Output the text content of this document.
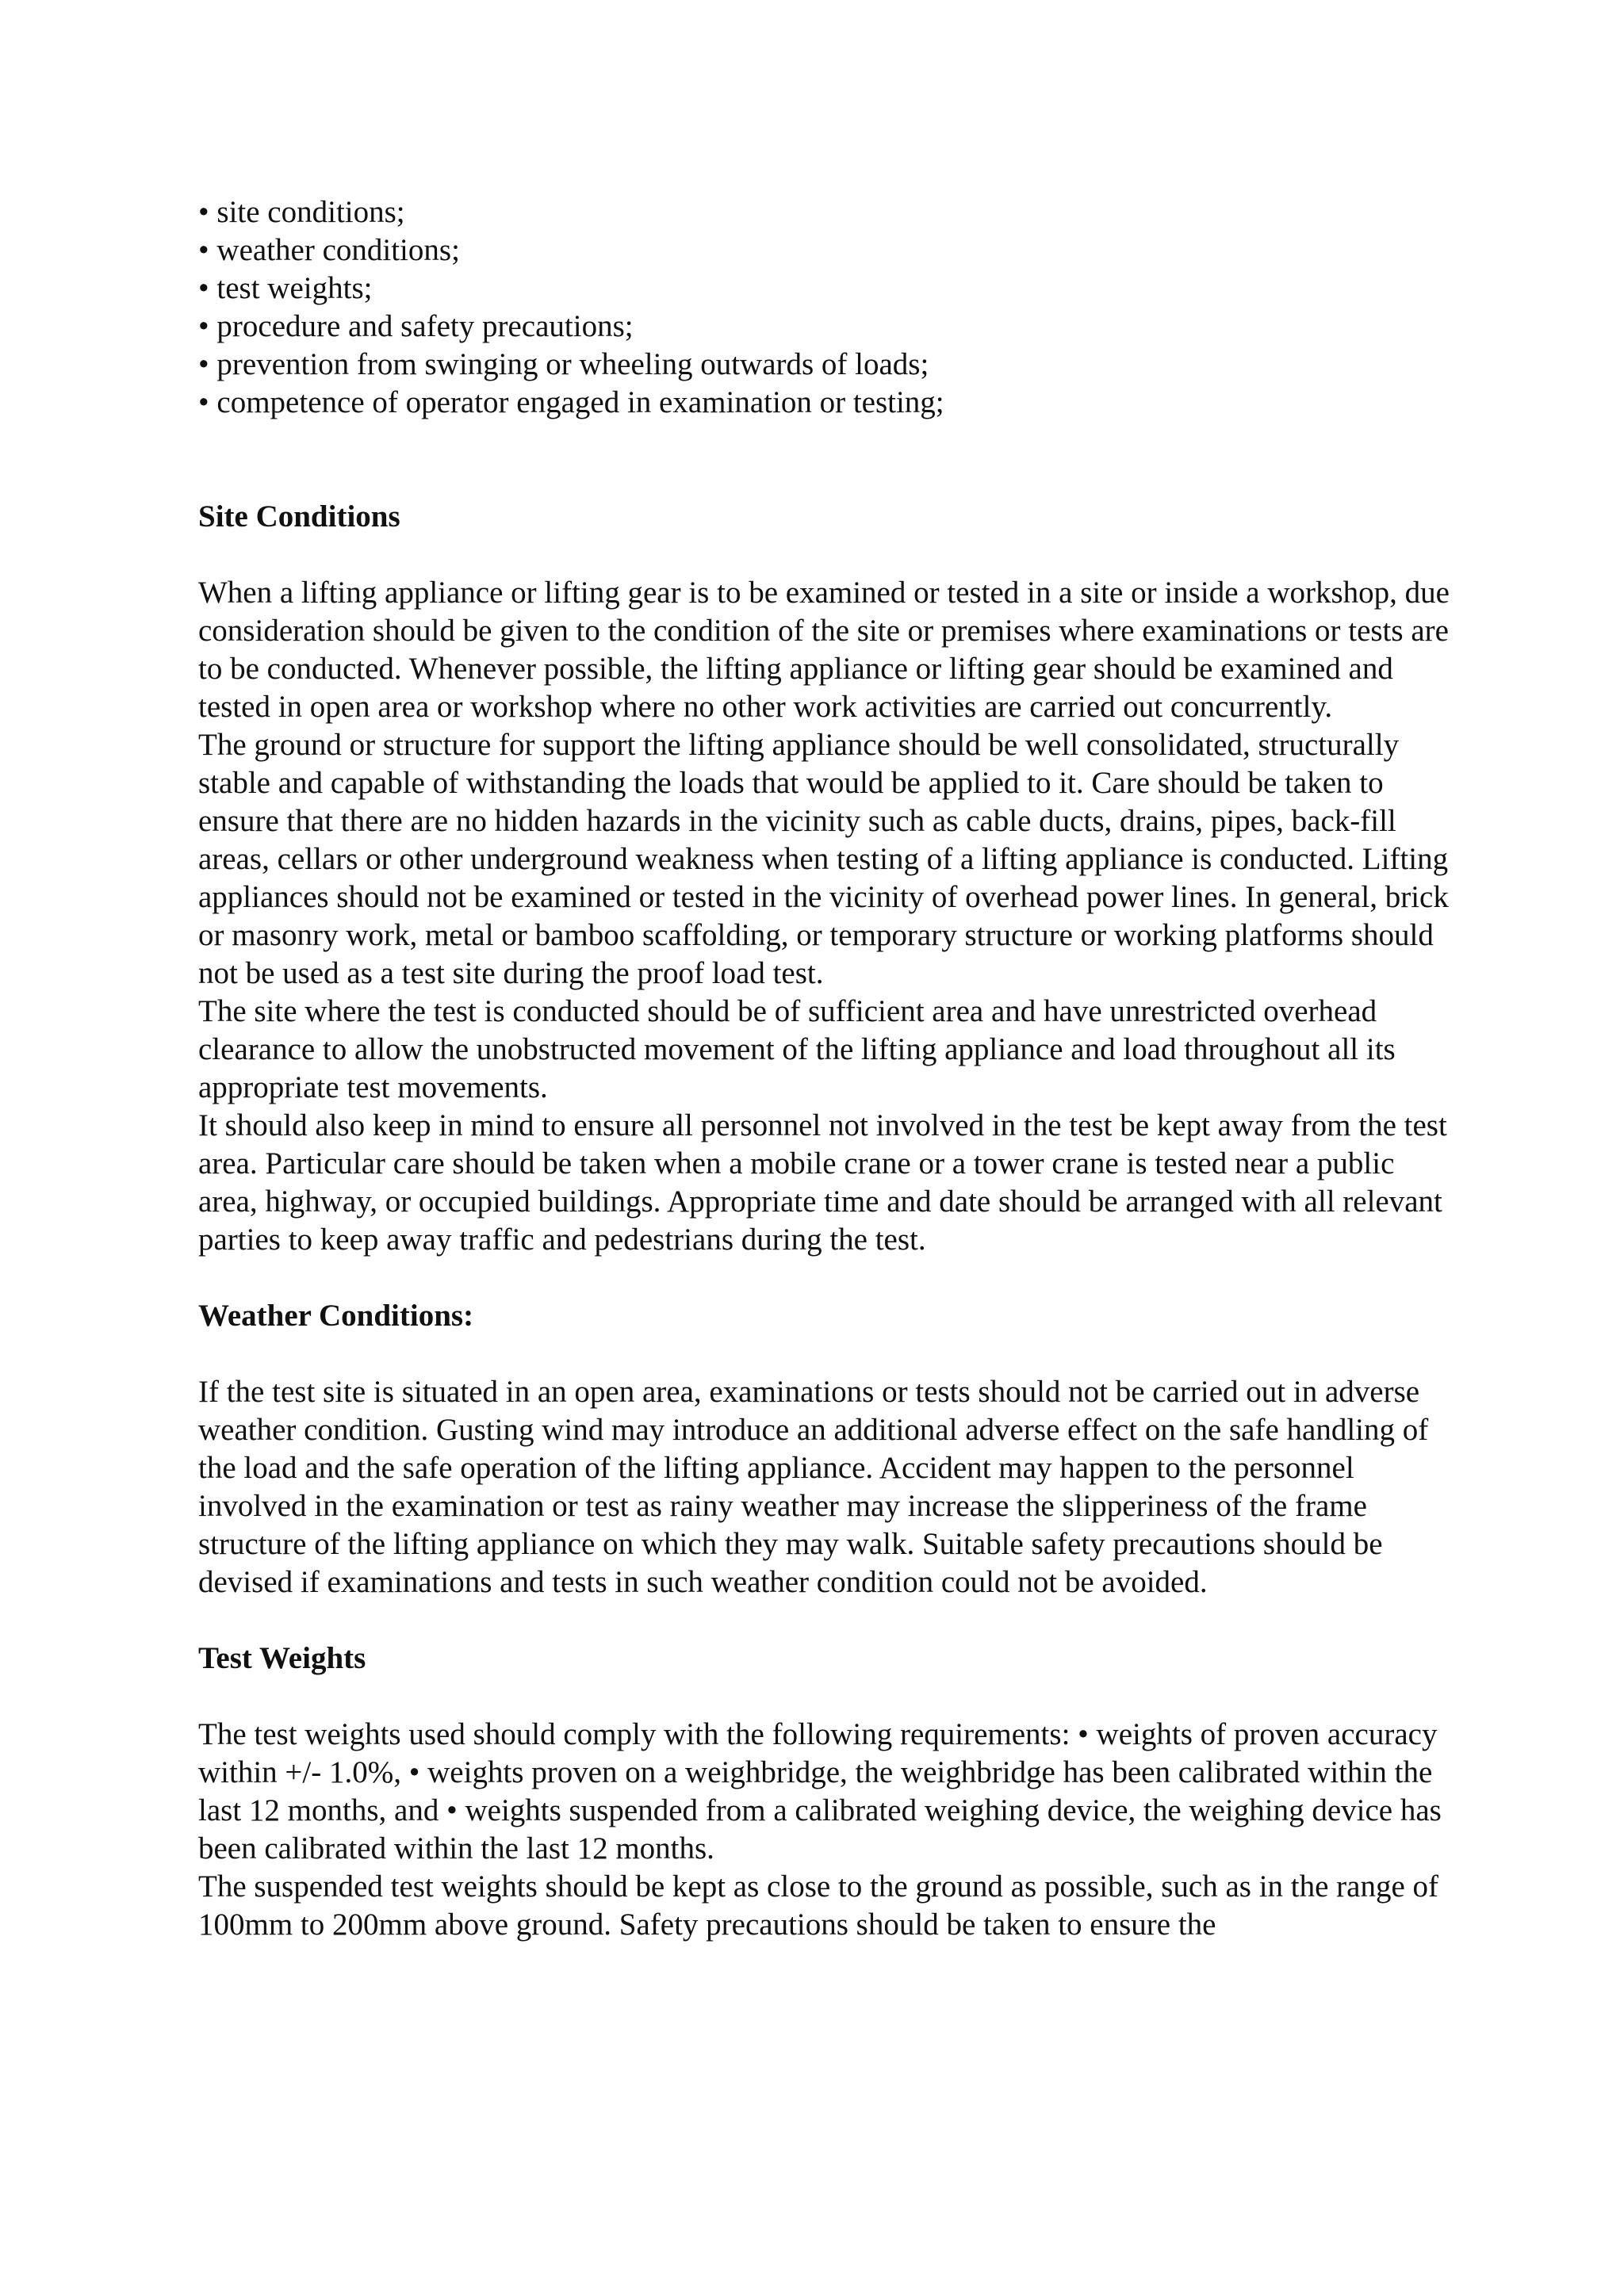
• site conditions;
• weather conditions;
• test weights;
• procedure and safety precautions;
• prevention from swinging or wheeling outwards of loads;
• competence of operator engaged in examination or testing;
Site Conditions

When a lifting appliance or lifting gear is to be examined or tested in a site or inside a workshop, due consideration should be given to the condition of the site or premises where examinations or tests are to be conducted. Whenever possible, the lifting appliance or lifting gear should be examined and tested in open area or workshop where no other work activities are carried out concurrently.

The ground or structure for support the lifting appliance should be well consolidated, structurally stable and capable of withstanding the loads that would be applied to it. Care should be taken to ensure that there are no hidden hazards in the vicinity such as cable ducts, drains, pipes, back-fill areas, cellars or other underground weakness when testing of a lifting appliance is conducted. Lifting appliances should not be examined or tested in the vicinity of overhead power lines. In general, brick or masonry work, metal or bamboo scaffolding, or temporary structure or working platforms should not be used as a test site during the proof load test.

The site where the test is conducted should be of sufficient area and have unrestricted overhead clearance to allow the unobstructed movement of the lifting appliance and load throughout all its appropriate test movements.

It should also keep in mind to ensure all personnel not involved in the test be kept away from the test area. Particular care should be taken when a mobile crane or a tower crane is tested near a public area, highway, or occupied buildings. Appropriate time and date should be arranged with all relevant parties to keep away traffic and pedestrians during the test.

Weather Conditions:

If the test site is situated in an open area, examinations or tests should not be carried out in adverse weather condition. Gusting wind may introduce an additional adverse effect on the safe handling of the load and the safe operation of the lifting appliance. Accident may happen to the personnel involved in the examination or test as rainy weather may increase the slipperiness of the frame structure of the lifting appliance on which they may walk. Suitable safety precautions should be devised if examinations and tests in such weather condition could not be avoided.

Test Weights

The test weights used should comply with the following requirements: • weights of proven accuracy within +/- 1.0%, • weights proven on a weighbridge, the weighbridge has been calibrated within the last 12 months, and • weights suspended from a calibrated weighing device, the weighing device has been calibrated within the last 12 months.

The suspended test weights should be kept as close to the ground as possible, such as in the range of 100mm to 200mm above ground. Safety precautions should be taken to ensure the
